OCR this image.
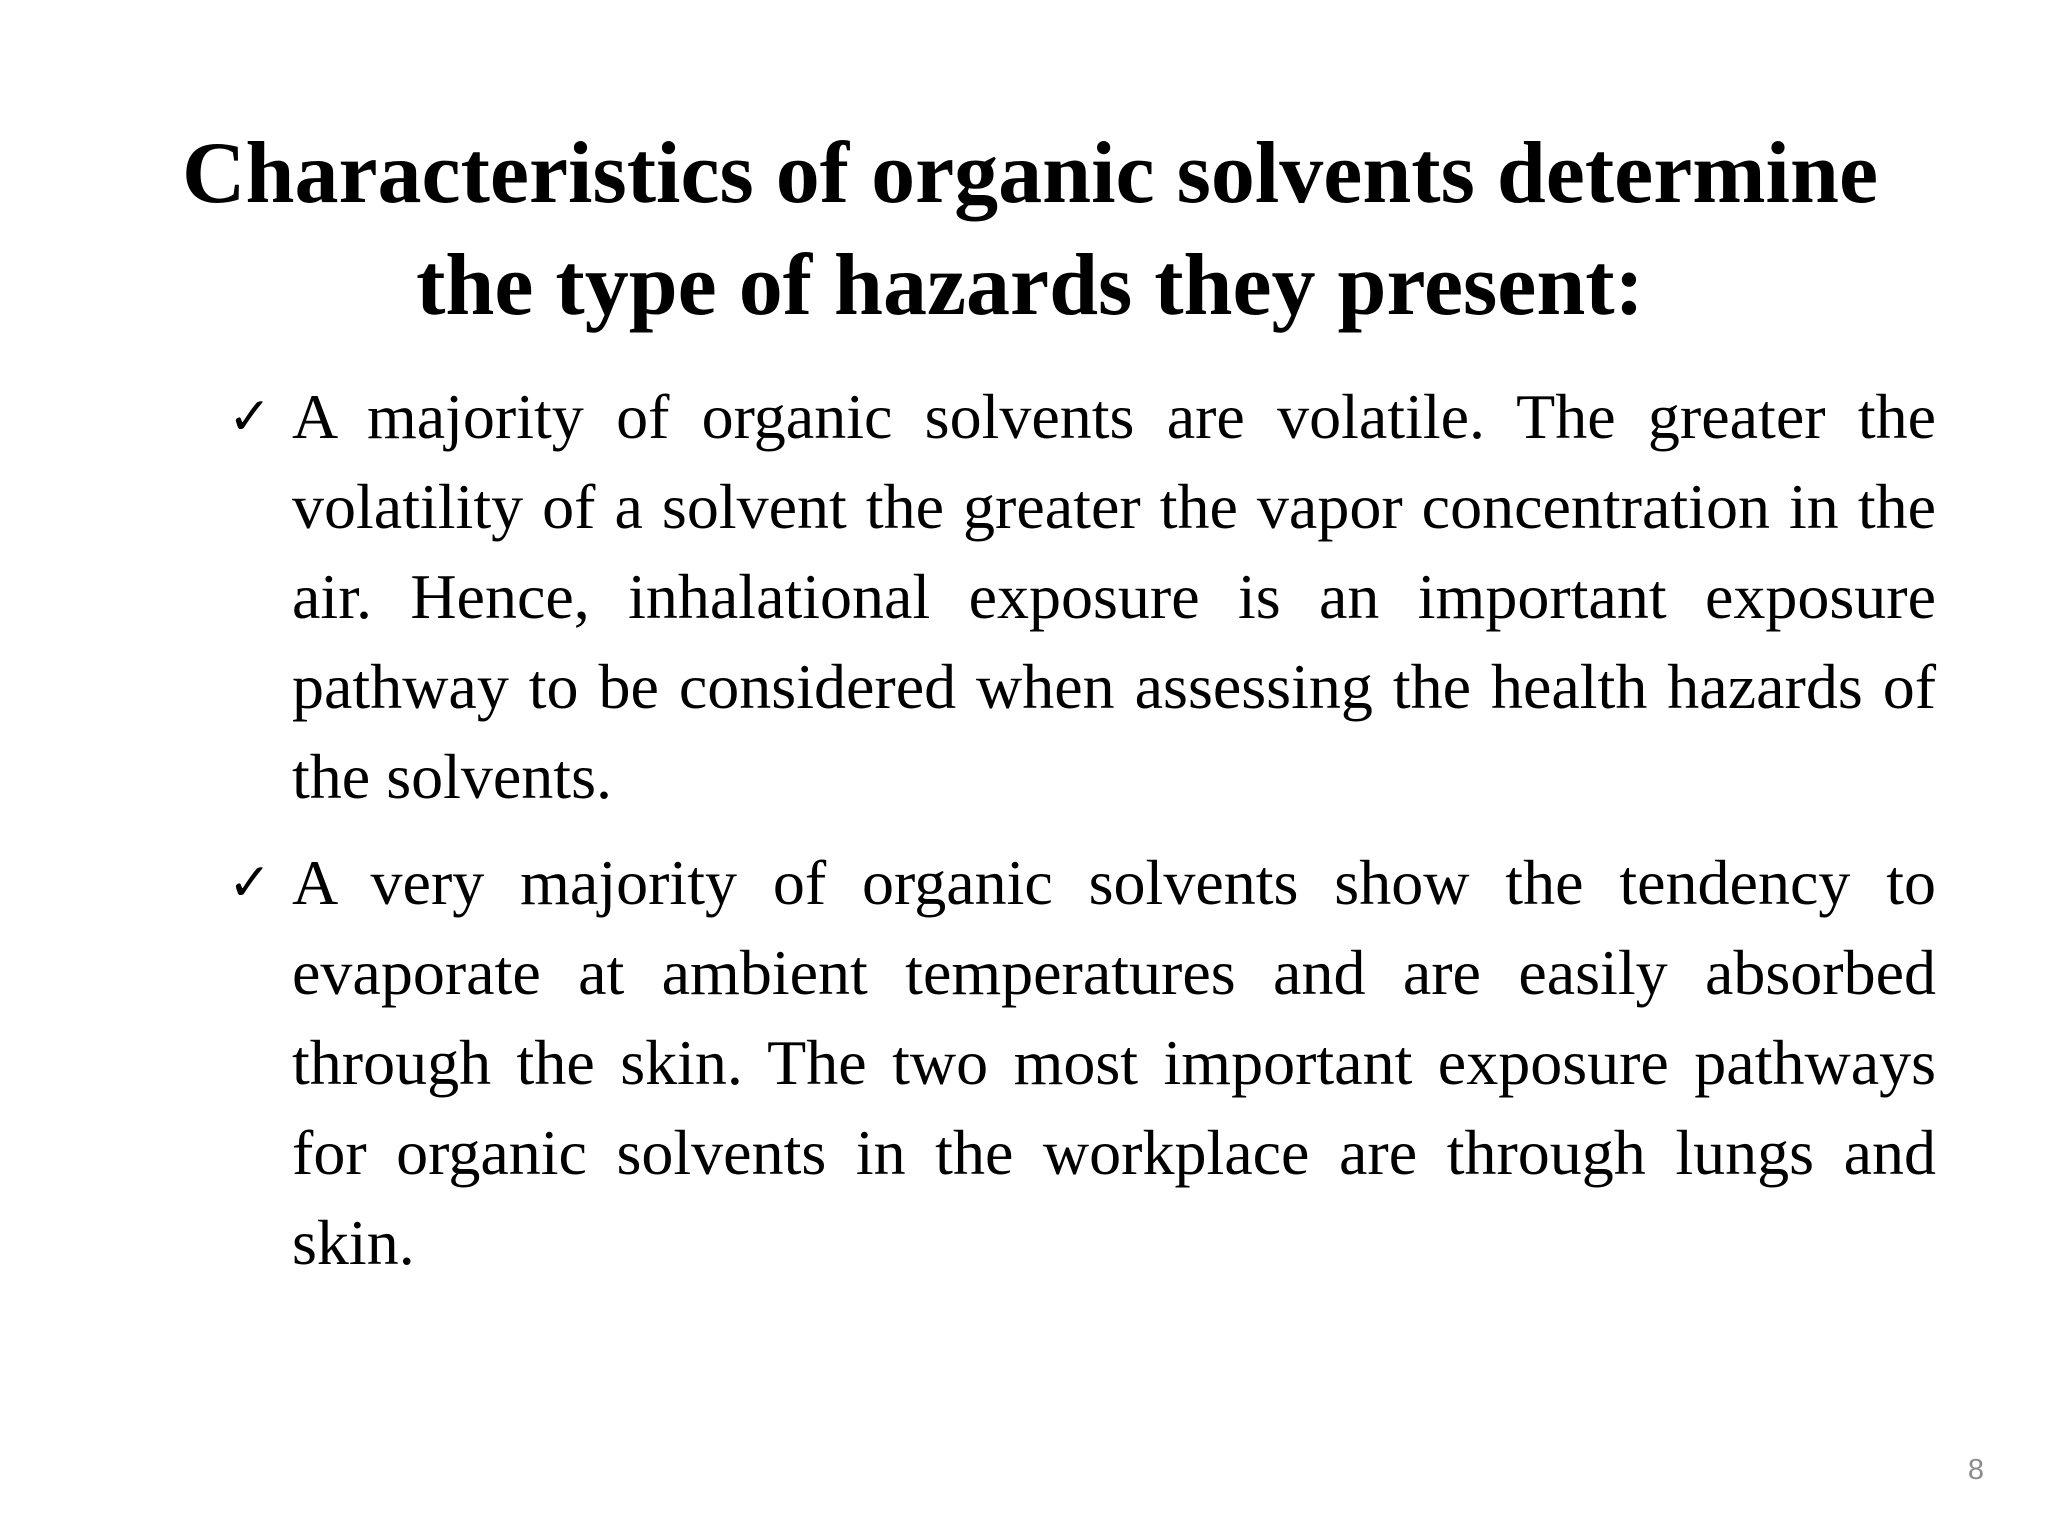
Characteristics of organic solvents determine
the type of hazards they present:
✓ A majority of organic solvents are volatile. The greater the volatility of a solvent the greater the vapor concentration in the air. Hence, inhalational exposure is an important exposure pathway to be considered when assessing the health hazards of the solvents.
✓ A very majority of organic solvents show the tendency to evaporate at ambient temperatures and are easily absorbed through the skin. The two most important exposure pathways for organic solvents in the workplace are through lungs and skin.
8
